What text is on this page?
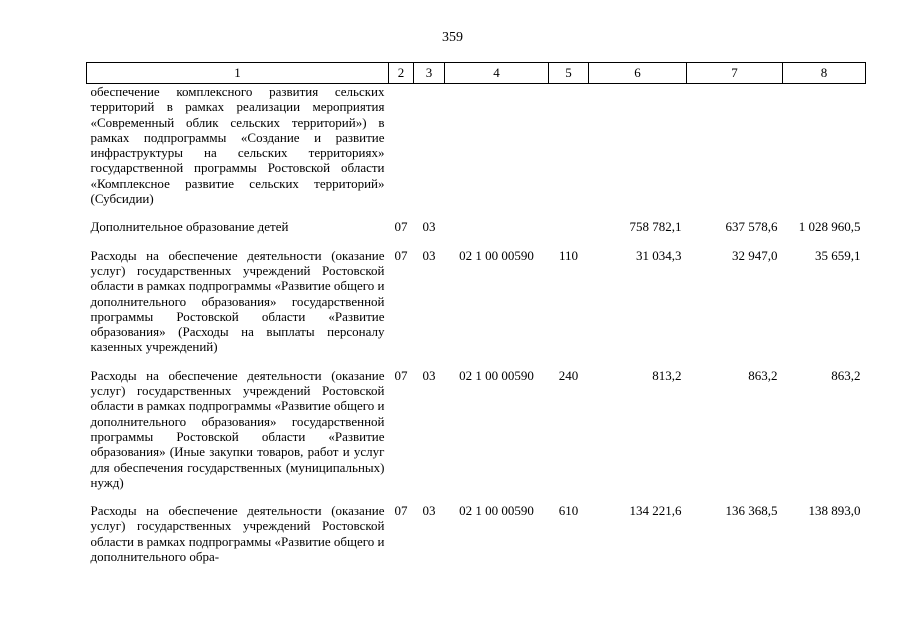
359
1	2	3	4	5	6	7	8
обеспечение комплексного развития сельских территорий в рамках реализации мероприятия «Современный облик сельских территорий») в рамках подпрограммы «Создание и развитие инфраструктуры на сельских территориях» государственной программы Ростовской области «Комплексное развитие сельских территорий» (Субсидии)							
Дополнительное образование детей	07	03			758 782,1	637 578,6	1 028 960,5
Расходы на обеспечение деятельности (оказание услуг) государственных учреждений Ростовской области в рамках подпрограммы «Развитие общего и дополнительного образования» государственной программы Ростовской области «Развитие образования» (Расходы на выплаты персоналу казенных учреждений)	07	03	02 1 00 00590	110	31 034,3	32 947,0	35 659,1
Расходы на обеспечение деятельности (оказание услуг) государственных учреждений Ростовской области в рамках подпрограммы «Развитие общего и дополнительного образования» государственной программы Ростовской области «Развитие образования» (Иные закупки товаров, работ и услуг для обеспечения государственных (муниципальных) нужд)	07	03	02 1 00 00590	240	813,2	863,2	863,2
Расходы на обеспечение деятельности (оказание услуг) государственных учреждений Ростовской области в рамках подпрограммы «Развитие общего и дополнительного обра-	07	03	02 1 00 00590	610	134 221,6	136 368,5	138 893,0
